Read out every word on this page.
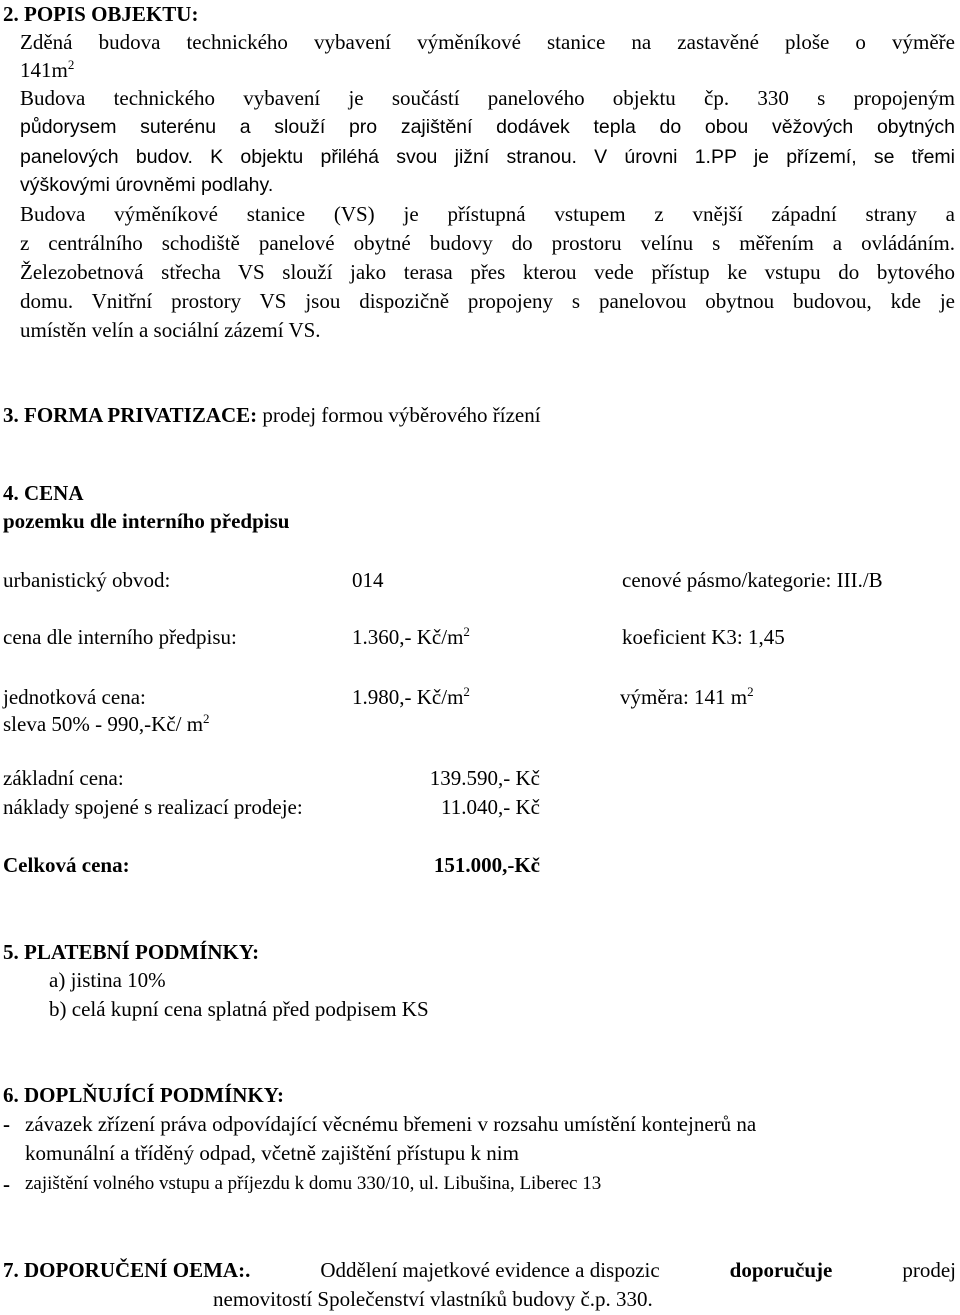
2. POPIS OBJEKTU:
Zděná budova technického vybavení výměníkové stanice na zastavěné ploše o výměře
$141m^2$
Budova technického vybavení je součástí panelového objektu čp. 330 s propojeným
půdorysem suterénu a slouží pro zajištění dodávek tepla do obou věžových obytných
panelových budov. K objektu přiléhá svou jižní stranou. V úrovni 1.PP je přízemí, se třemi
výškovými úrovněmi podlahy.
Budova výměníkové stanice (VS) je přístupná vstupem z vnější západní strany a
z centrálního schodiště panelové obytné budovy do prostoru velínu s měřením a ovládáním.
Železobetnová střecha VS slouží jako terasa přes kterou vede přístup ke vstupu do bytového
domu. Vnitřní prostory VS jsou dispozičně propojeny s panelovou obytnou budovou, kde je
umístěn velín a sociální zázemí VS.
3. FORMA PRIVATIZACE: prodej formou výběrového řízení
4. CENA
pozemku dle interního předpisu
urbanistický obvod:	014	cenové pásmo/kategorie: III./B
cena dle interního předpisu:	1.360,- $Kč/m^2$	koeficient K3: 1,45
jednotková cena:	1.980,- $Kč/m^2$	výměra: 141 $m^2$
sleva 50% - 990,-Kč/ $m^2$
základní cena:	139.590,- Kč
náklady spojené s realizací prodeje:	11.040,- Kč
Celková cena:	151.000,-Kč
5. PLATEBNÍ PODMÍNKY:
a) jistina 10%
b) celá kupní cena splatná před podpisem KS
6. DOPLŇUJÍCÍ PODMÍNKY:
- závazek zřízení práva odpovídající věcnému břemeni v rozsahu umístění kontejnerů na
komunální a tříděný odpad, včetně zajištění přístupu k nim
- zajištění volného vstupu a příjezdu k domu 330/10, ul. Libušina, Liberec 13
7. DOPORUČENÍ OEMA:.	Oddělení majetkové evidence a dispozic	doporučuje	prodej
nemovitostí Společenství vlastníků budovy č.p. 330.
